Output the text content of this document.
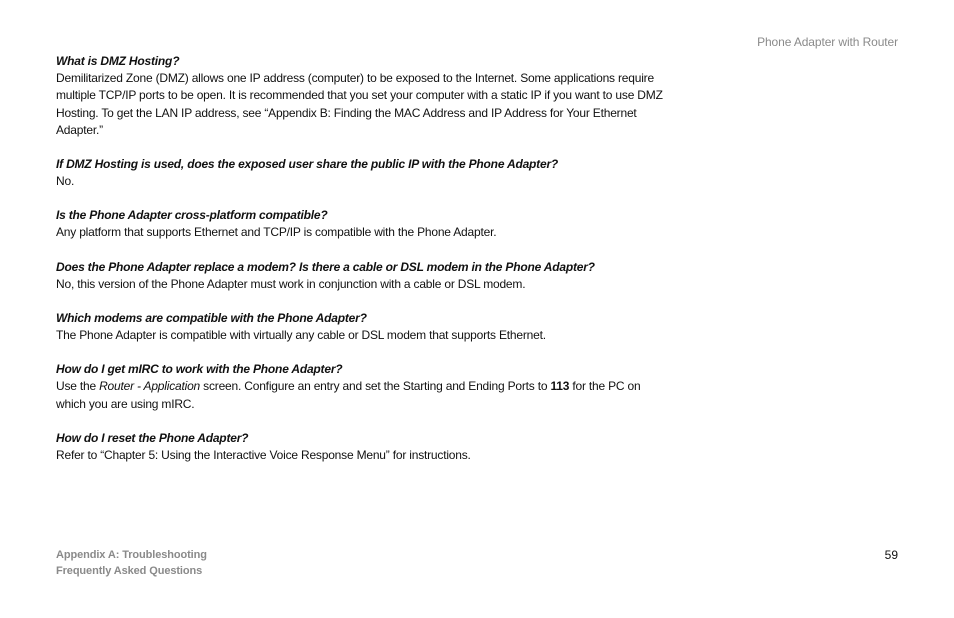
Phone Adapter with Router

What is DMZ Hosting?

Demilitarized Zone (DMZ) allows one IP address (computer) to be exposed to the Internet. Some applications require multiple TCP/IP ports to be open. It is recommended that you set your computer with a static IP if you want to use DMZ Hosting. To get the LAN IP address, see “Appendix B: Finding the MAC Address and IP Address for Your Ethernet Adapter.”

If DMZ Hosting is used, does the exposed user share the public IP with the Phone Adapter?

No.

Is the Phone Adapter cross-platform compatible?

Any platform that supports Ethernet and TCP/IP is compatible with the Phone Adapter.

Does the Phone Adapter replace a modem? Is there a cable or DSL modem in the Phone Adapter?

No, this version of the Phone Adapter must work in conjunction with a cable or DSL modem.

Which modems are compatible with the Phone Adapter?

The Phone Adapter is compatible with virtually any cable or DSL modem that supports Ethernet.

How do I get mIRC to work with the Phone Adapter?

Use the Router - Application screen. Configure an entry and set the Starting and Ending Ports to 113 for the PC on which you are using mIRC.

How do I reset the Phone Adapter?

Refer to “Chapter 5: Using the Interactive Voice Response Menu” for instructions.

Appendix A: Troubleshooting
Frequently Asked Questions
59
